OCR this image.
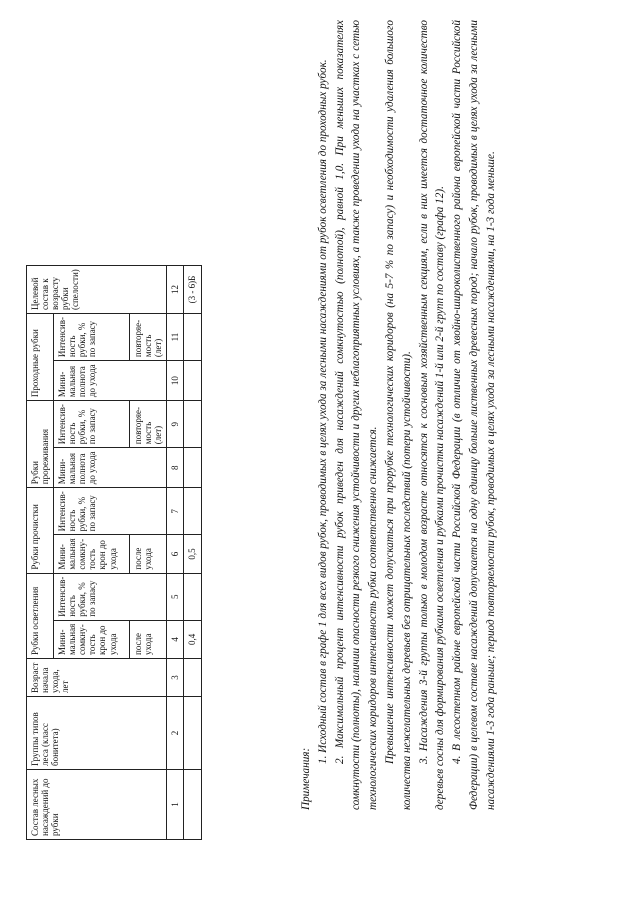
Состав лесных насаждений до рубки	Группы типов леса (класс бонитета)	Возраст начала ухода, лет	Рубки осветления		Рубки прочистки		Рубки прореживания		Проходные рубки		Целевой состав к возрасту рубки (спелости)
			Мини-мальная сомкну-тость крон до ухода	Интенсив-ность рубки, % по запасу	Мини-мальная сомкну-тость крон до ухода	Интенсив-ность рубки, % по запасу	Мини-мальная полнота до ухода	Интенсив-ность рубки, % по запасу	Мини-мальная полнота до ухода	Интенсив-ность рубки, % по запасу	
			после ухода		после ухода			повторяе-мость (лет)		повторяе-мость (лет)	
1	2	3	4	5	6	7	8	9	10	11	12
			0,4		0,5						(3 - 6)Б

Примечания:

1. Исходный состав в графе 1 для всех видов рубок, проводимых в целях ухода за лесными насаждениями от рубок осветления до проходных рубок. 2. Максимальный процент интенсивности рубок приведен для насаждений сомкнутостью (полнотой), равной 1,0. При меньших показателях сомкнутости (полноты), наличии опасности резкого снижения устойчивости и других неблагоприятных условиях, а также проведении ухода на участках с сетью технологических коридоров интенсивность рубки соответственно снижается. Превышение интенсивности может допускаться при прорубке технологических коридоров (на 5-7 % по запасу) и необходимости удаления большого количества нежелательных деревьев без отрицательных последствий (потери устойчивости). 3. Насаждения 3-й группы только в молодом возрасте относятся к сосновым хозяйственным секциям, если в них имеется достаточное количество деревьев сосны для формирования рубками осветления и рубками прочистки насаждений 1-й или 2-й групп по составу (графа 12). 4. В лесостепном районе европейской части Российской Федерации (в отличие от хвойно-широколиственного района европейской части Российской Федерации) в целевом составе насаждений допускается на одну единицу больше лиственных древесных пород; начало рубок, проводимых в целях ухода за лесными насаждениями 1-3 года раньше; период повторяемости рубок, проводимых в целях ухода за лесными насаждениями, на 1-3 года меньше.
